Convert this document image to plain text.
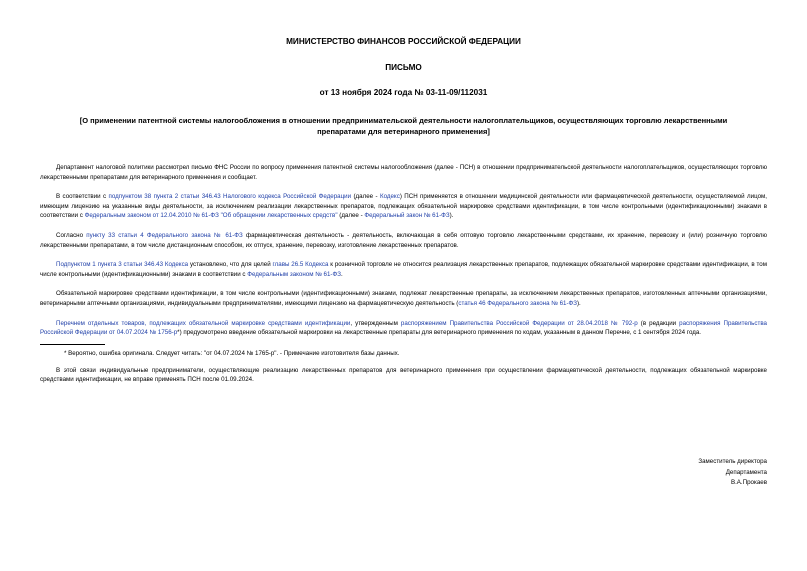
МИНИСТЕРСТВО ФИНАНСОВ РОССИЙСКОЙ ФЕДЕРАЦИИ

ПИСЬМО

от 13 ноября 2024 года № 03-11-09/112031

[О применении патентной системы налогообложения в отношении предпринимательской деятельности налогоплательщиков, осуществляющих торговлю лекарственными препаратами для ветеринарного применения]

Департамент налоговой политики рассмотрел письмо ФНС России по вопросу применения патентной системы налогообложения (далее - ПСН) в отношении предпринимательской деятельности налогоплательщиков, осуществляющих торговлю лекарственными препаратами для ветеринарного применения и сообщает.

В соответствии с подпунктом 38 пункта 2 статьи 346.43 Налогового кодекса Российской Федерации (далее - Кодекс) ПСН применяется в отношении медицинской деятельности или фармацевтической деятельности, осуществляемой лицом, имеющим лицензию на указанные виды деятельности, за исключением реализации лекарственных препаратов, подлежащих обязательной маркировке средствами идентификации, в том числе контрольными (идентификационными) знаками в соответствии с Федеральным законом от 12.04.2010 № 61-ФЗ "Об обращении лекарственных средств" (далее - Федеральный закон № 61-ФЗ).

Согласно пункту 33 статьи 4 Федерального закона № 61-ФЗ фармацевтическая деятельность - деятельность, включающая в себя оптовую торговлю лекарственными средствами, их хранение, перевозку и (или) розничную торговлю лекарственными препаратами, в том числе дистанционным способом, их отпуск, хранение, перевозку, изготовление лекарственных препаратов.

Подпунктом 1 пункта 3 статьи 346.43 Кодекса установлено, что для целей главы 26.5 Кодекса к розничной торговле не относится реализация лекарственных препаратов, подлежащих обязательной маркировке средствами идентификации, в том числе контрольными (идентификационными) знаками в соответствии с Федеральным законом № 61-ФЗ.

Обязательной маркировке средствами идентификации, в том числе контрольными (идентификационными) знаками, подлежат лекарственные препараты, за исключением лекарственных препаратов, изготовленных аптечными организациями, ветеринарными аптечными организациями, индивидуальными предпринимателями, имеющими лицензию на фармацевтическую деятельность (статья 46 Федерального закона № 61-ФЗ).

Перечнем отдельных товаров, подлежащих обязательной маркировке средствами идентификации, утвержденным распоряжением Правительства Российской Федерации от 28.04.2018 № 792-р (в редакции распоряжения Правительства Российской Федерации от 04.07.2024 № 1756-р*) предусмотрено введение обязательной маркировки на лекарственные препараты для ветеринарного применения по кодам, указанным в данном Перечне, с 1 сентября 2024 года.

* Вероятно, ошибка оригинала. Следует читать: "от 04.07.2024 № 1765-р". - Примечание изготовителя базы данных.

В этой связи индивидуальные предприниматели, осуществляющие реализацию лекарственных препаратов для ветеринарного применения при осуществлении фармацевтической деятельности, подлежащих обязательной маркировке средствами идентификации, не вправе применять ПСН после 01.09.2024.

Заместитель директора
Департамента
В.А.Прокаев
